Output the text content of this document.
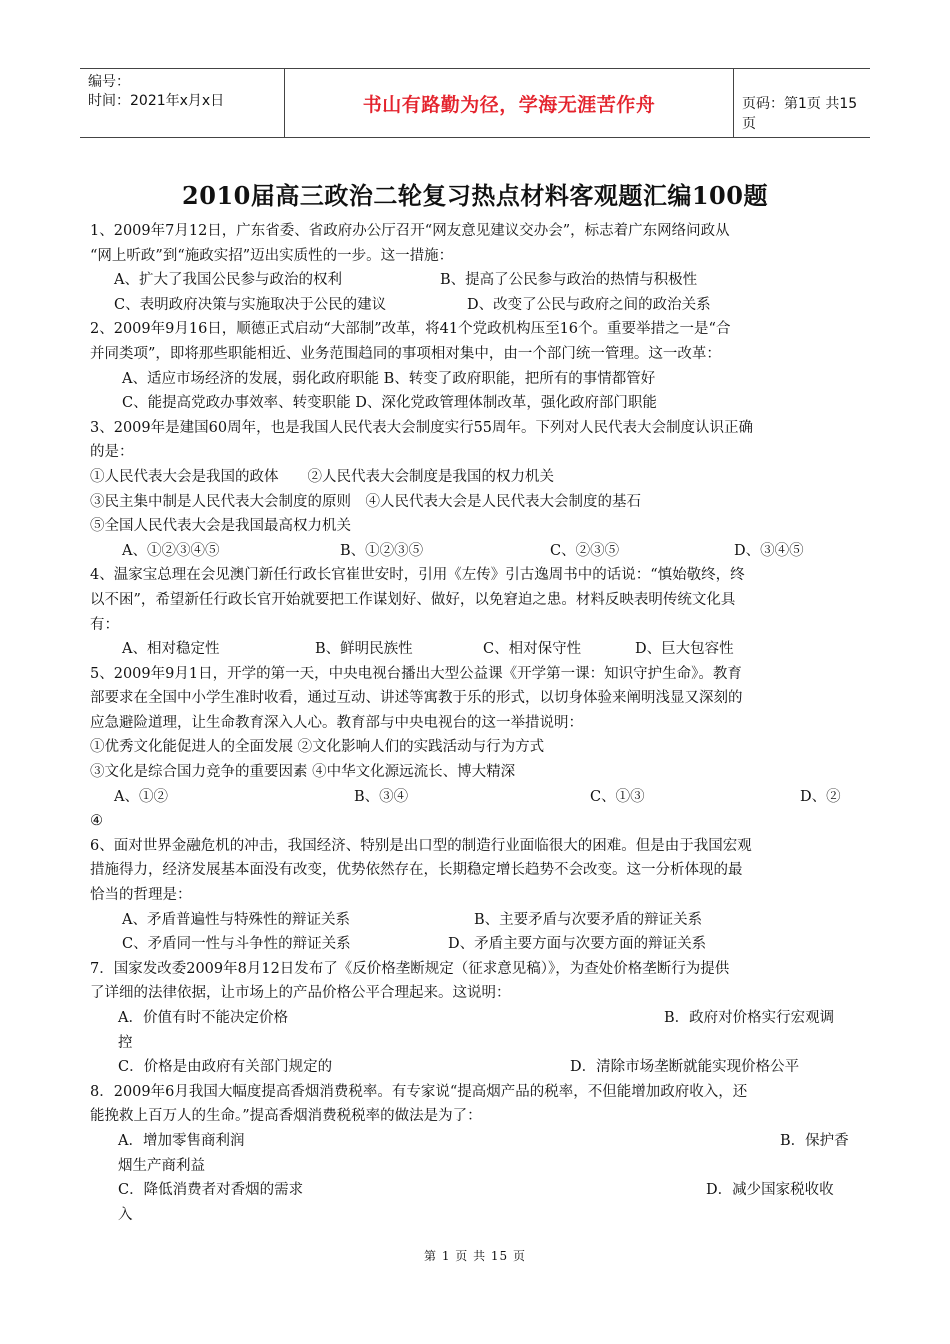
编号：
时间：2021年x月x日	书山有路勤为径，学海无涯苦作舟	页码：第1页 共15页
2010届高三政治二轮复习热点材料客观题汇编100题
1、2009年7月12日，广东省委、省政府办公厅召开“网友意见建议交办会”，标志着广东网络问政从
“网上听政”到“施政实招”迈出实质性的一步。这一措施：
A、扩大了我国公民参与政治的权利	B、提高了公民参与政治的热情与积极性
C、表明政府决策与实施取决于公民的建议	D、改变了公民与政府之间的政治关系
2、2009年9月16日，顺德正式启动“大部制”改革，将41个党政机构压至16个。重要举措之一是“合
并同类项”，即将那些职能相近、业务范围趋同的事项相对集中，由一个部门统一管理。这一改革：
A、适应市场经济的发展，弱化政府职能 B、转变了政府职能，把所有的事情都管好
C、能提高党政办事效率、转变职能 D、深化党政管理体制改革，强化政府部门职能
3、2009年是建国60周年，也是我国人民代表大会制度实行55周年。下列对人民代表大会制度认识正确
的是：
①人民代表大会是我国的政体　　②人民代表大会制度是我国的权力机关
③民主集中制是人民代表大会制度的原则　④人民代表大会是人民代表大会制度的基石
⑤全国人民代表大会是我国最高权力机关
A、①②③④⑤	B、①②③⑤	C、②③⑤	D、③④⑤
4、温家宝总理在会见澳门新任行政长官崔世安时，引用《左传》引古逸周书中的话说：“慎始敬终，终
以不困”，希望新任行政长官开始就要把工作谋划好、做好，以免窘迫之患。材料反映表明传统文化具
有：
A、相对稳定性	B、鲜明民族性	C、相对保守性	D、巨大包容性
5、2009年9月1日，开学的第一天，中央电视台播出大型公益课《开学第一课：知识守护生命》。教育
部要求在全国中小学生准时收看，通过互动、讲述等寓教于乐的形式，以切身体验来阐明浅显又深刻的
应急避险道理，让生命教育深入人心。教育部与中央电视台的这一举措说明：
①优秀文化能促进人的全面发展 ②文化影响人们的实践活动与行为方式
③文化是综合国力竞争的重要因素 ④中华文化源远流长、博大精深
A、①②	B、③④	C、①③	D、②
④
6、面对世界金融危机的冲击，我国经济、特别是出口型的制造行业面临很大的困难。但是由于我国宏观
措施得力，经济发展基本面没有改变，优势依然存在，长期稳定增长趋势不会改变。这一分析体现的最
恰当的哲理是：
A、矛盾普遍性与特殊性的辩证关系	B、主要矛盾与次要矛盾的辩证关系
C、矛盾同一性与斗争性的辩证关系	D、矛盾主要方面与次要方面的辩证关系
7．国家发改委2009年8月12日发布了《反价格垄断规定（征求意见稿）》，为查处价格垄断行为提供
了详细的法律依据，让市场上的产品价格公平合理起来。这说明：
A．价值有时不能决定价格	B．政府对价格实行宏观调
控
C．价格是由政府有关部门规定的	D．清除市场垄断就能实现价格公平
8．2009年6月我国大幅度提高香烟消费税率。有专家说“提高烟产品的税率，不但能增加政府收入，还
能挽救上百万人的生命。”提高香烟消费税税率的做法是为了：
A．增加零售商利润	B．保护香
烟生产商利益
C．降低消费者对香烟的需求	D．减少国家税收收
入
第 1 页 共 15 页
